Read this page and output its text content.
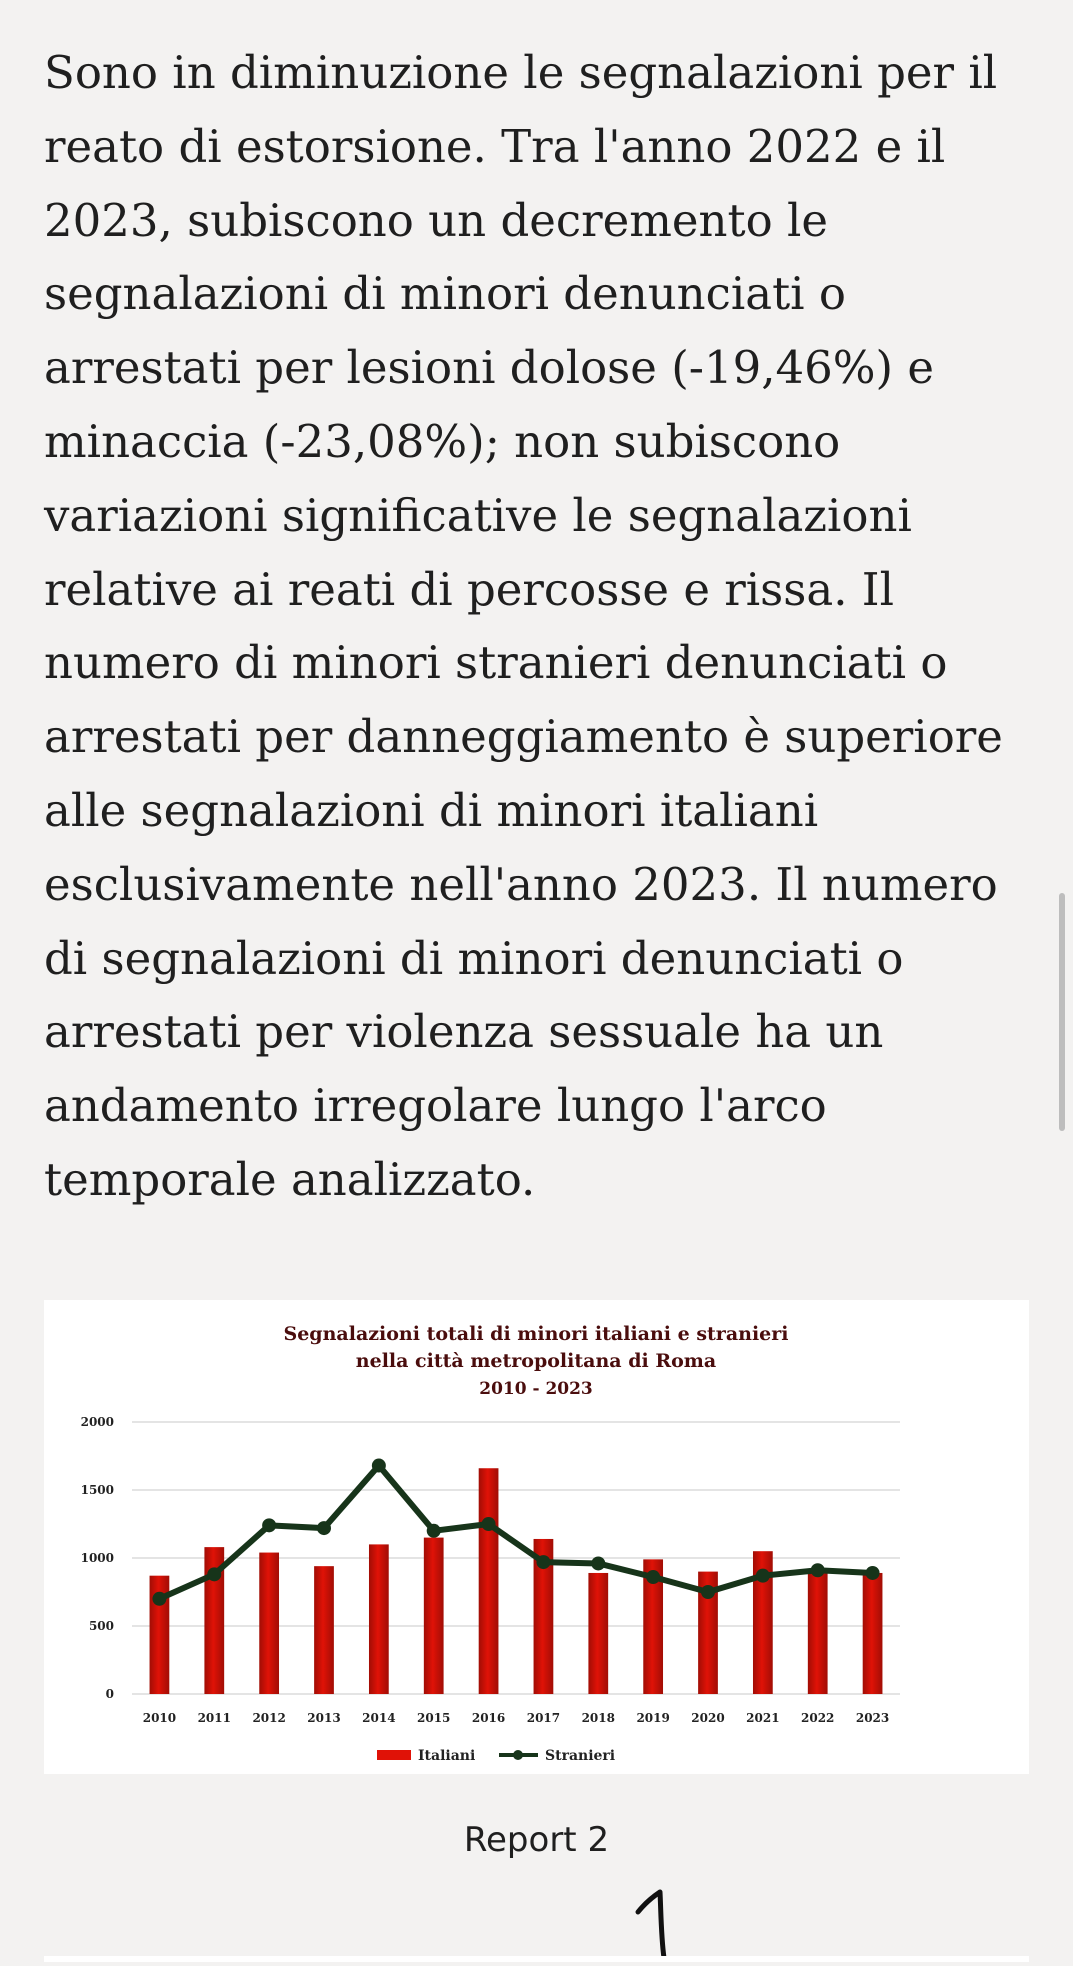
Sono in diminuzione le segnalazioni per il reato di estorsione. Tra l'anno 2022 e il 2023, subiscono un decremento le segnalazioni di minori denunciati o arrestati per lesioni dolose (-19,46%) e minaccia (-23,08%); non subiscono variazioni significative le segnalazioni relative ai reati di percosse e rissa. Il numero di minori stranieri denunciati o arrestati per danneggiamento è superiore alle segnalazioni di minori italiani esclusivamente nell'anno 2023. Il numero di segnalazioni di minori denunciati o arrestati per violenza sessuale ha un andamento irregolare lungo l'arco temporale analizzato.

Segnalazioni totali di minori italiani e stranieri
nella città metropolitana di Roma
2010 - 2023
0
500
1000
1500
2000
2010 2011 2012 2013 2014 2015 2016 2017 2018 2019 2020 2021 2022 2023
Italiani	Stranieri
Report 2
